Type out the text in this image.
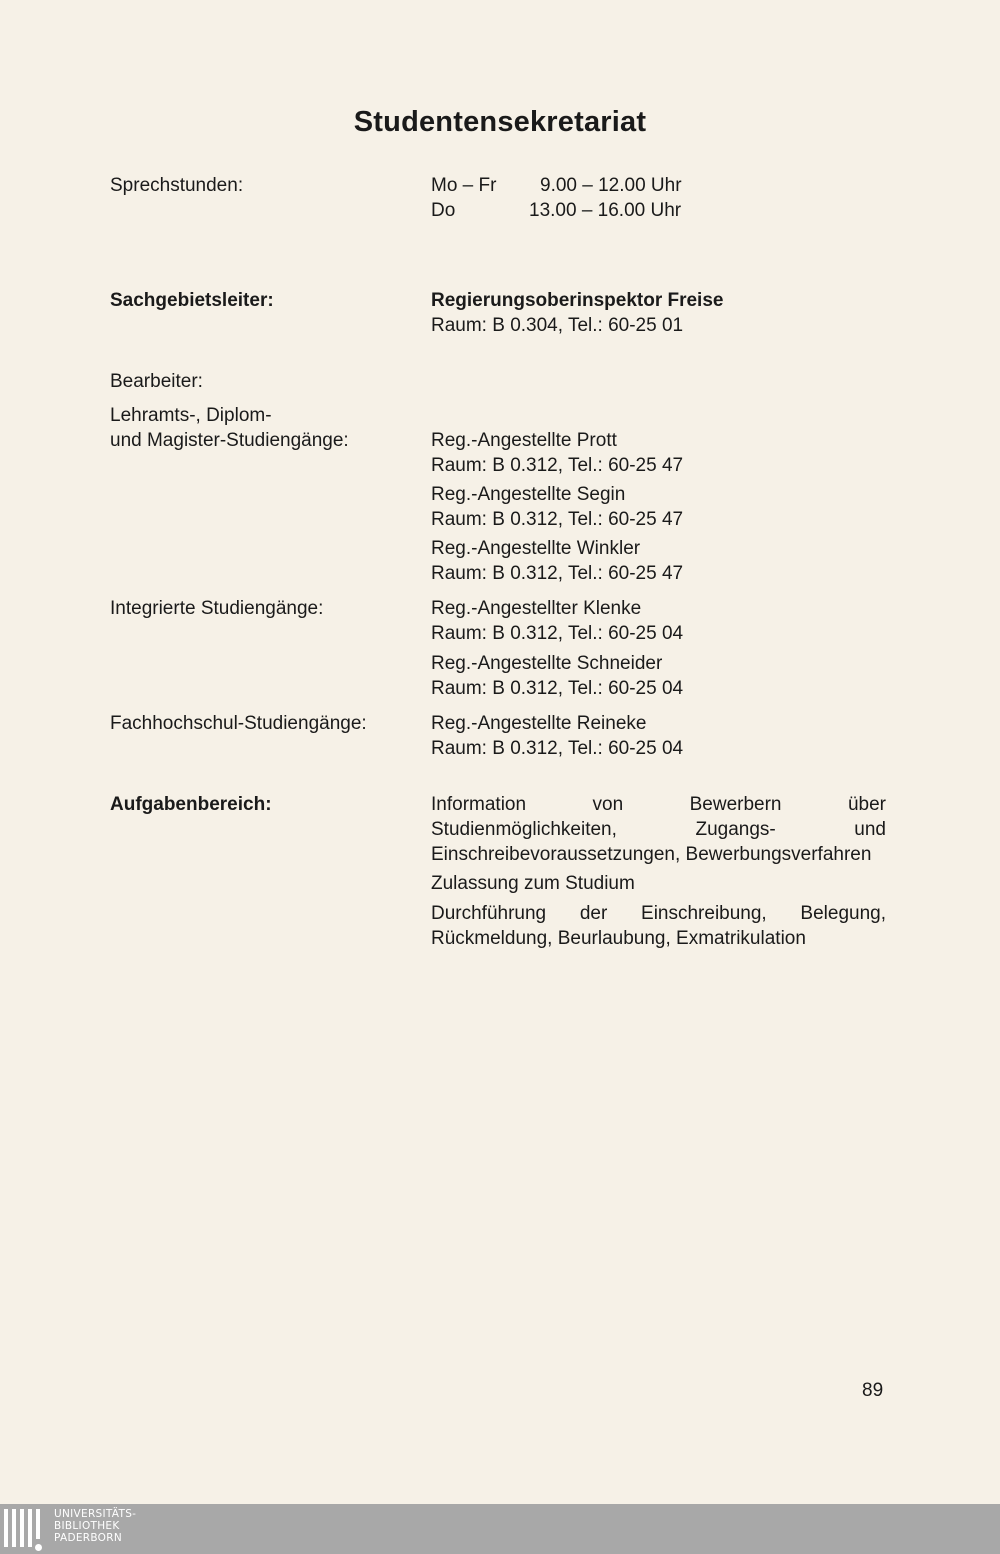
Studentensekretariat
Sprechstunden:	Mo – Fr 9.00 – 12.00 Uhr
Do	13.00 – 16.00 Uhr
Sachgebietsleiter:	Regierungsoberinspektor Freise
Raum: B 0.304, Tel.: 60-25 01
Bearbeiter:
Lehramts-, Diplom-
und Magister-Studiengänge:	Reg.-Angestellte Prott
Raum: B 0.312, Tel.: 60-25 47
Reg.-Angestellte Segin
Raum: B 0.312, Tel.: 60-25 47
Reg.-Angestellte Winkler
Raum: B 0.312, Tel.: 60-25 47
Integrierte Studiengänge:	Reg.-Angestellter Klenke
Raum: B 0.312, Tel.: 60-25 04
Reg.-Angestellte Schneider
Raum: B 0.312, Tel.: 60-25 04
Fachhochschul-Studiengänge:	Reg.-Angestellte Reineke
Raum: B 0.312, Tel.: 60-25 04
Aufgabenbereich:	Information von Bewerbern über Studienmöglichkeiten, Zugangs- und Einschreibevoraussetzungen, Bewerbungsverfahren
Zulassung zum Studium
Durchführung der Einschreibung, Belegung, Rückmeldung, Beurlaubung, Exmatrikulation
89
UNIVERSITÄTS-
BIBLIOTHEK
PADERBORN
